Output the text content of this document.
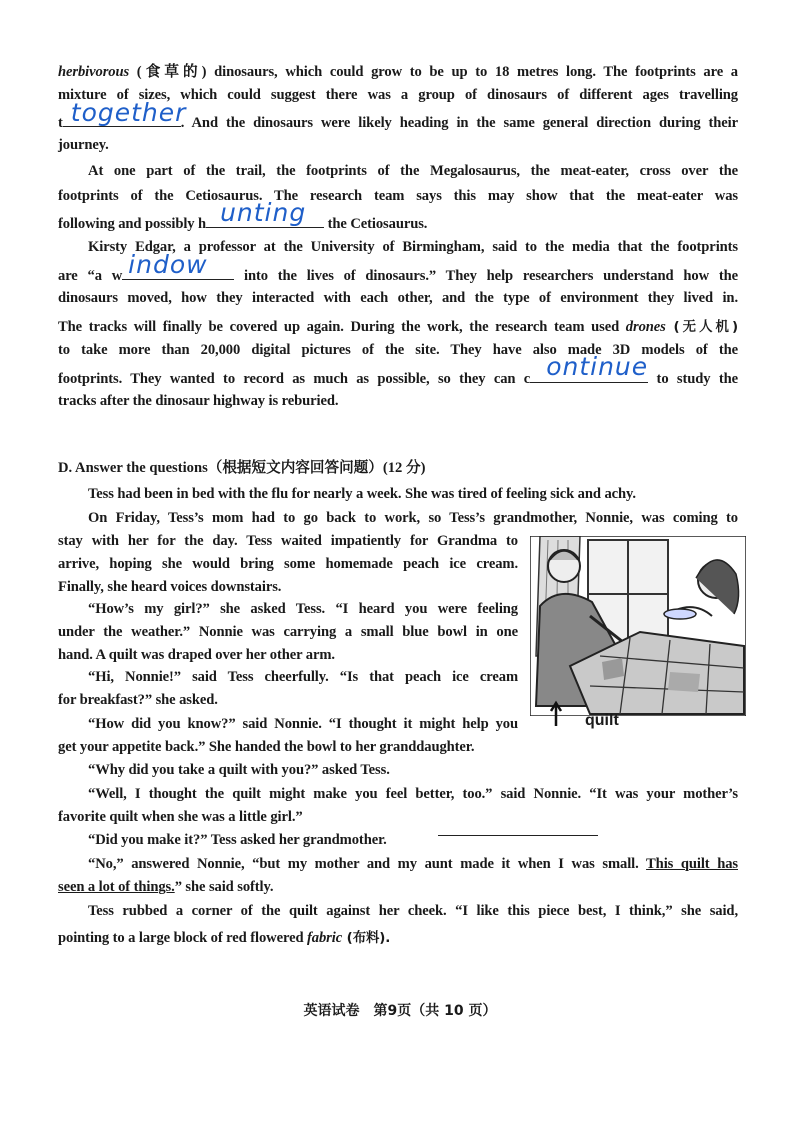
herbivorous (食草的) dinosaurs, which could grow to be up to 18 metres long. The footprints are a
mixture of sizes, which could suggest there was a group of dinosaurs of different ages travelling
t together
. And the dinosaurs were likely heading in the same general direction during their
journey.
At one part of the trail, the footprints of the Megalosaurus, the meat-eater, cross over the
footprints of the Cetiosaurus. The research team says this may show that the meat-eater was
following and possibly h unting the Cetiosaurus.
Kirsty Edgar, a professor at the University of Birmingham, said to the media that the footprints
are “a w indow into the lives of dinosaurs.” They help researchers understand how the
dinosaurs moved, how they interacted with each other, and the type of environment they lived in.
The tracks will finally be covered up again. During the work, the research team used drones (无人机)
to take more than 20,000 digital pictures of the site. They have also made 3D models of the
footprints. They wanted to record as much as possible, so they can c ontinue to study the
tracks after the dinosaur highway is reburied.
D. Answer the questions（根据短文内容回答问题）(12 分)
Tess had been in bed with the flu for nearly a week. She was tired of feeling sick and achy.
On Friday, Tess’s mom had to go back to work, so Tess’s grandmother, Nonnie, was coming to
stay with her for the day. Tess waited impatiently for Grandma to
arrive, hoping she would bring some homemade peach ice cream.
Finally, she heard voices downstairs.
“How’s my girl?” she asked Tess. “I heard you were feeling
under the weather.” Nonnie was carrying a small blue bowl in one
hand. A quilt was draped over her other arm.
“Hi, Nonnie!” said Tess cheerfully. “Is that peach ice cream
for breakfast?” she asked.
“How did you know?” said Nonnie. “I thought it might help you
get your appetite back.” She handed the bowl to her granddaughter.
“Why did you take a quilt with you?” asked Tess.
“Well, I thought the quilt might make you feel better, too.” said Nonnie. “It was your mother’s
favorite quilt when she was a little girl.”
“Did you make it?” Tess asked her grandmother.
“No,” answered Nonnie, “but my mother and my aunt made it when I was small. This quilt has
seen a lot of things.” she said softly.
Tess rubbed a corner of the quilt against her cheek. “I like this piece best, I think,” she said,
pointing to a large block of red flowered fabric (布料).
quilt
英语试卷　第9页（共 10 页）
